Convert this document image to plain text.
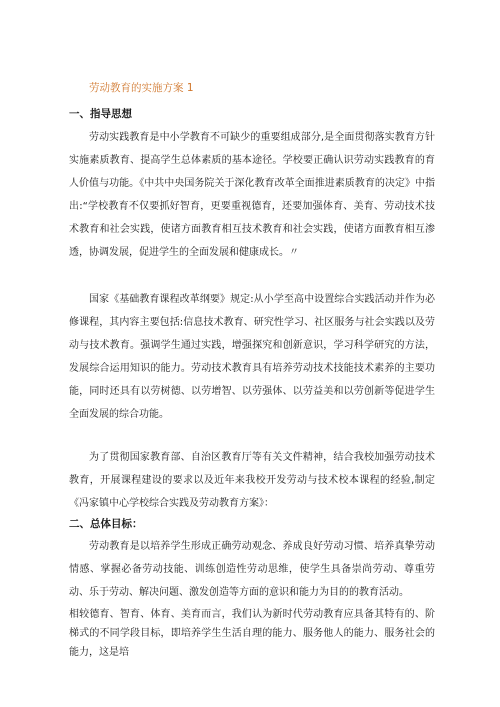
劳动教育的实施方案 1
一、指导思想

劳动实践教育是中小学教育不可缺少的重要组成部分,是全面贯彻落实教育方针实施素质教育、提高学生总体素质的基本途径。学校要正确认识劳动实践教育的育人价值与功能。《中共中央国务院关于深化教育改革全面推进素质教育的决定》中指出:“学校教育不仅要抓好智育，更要重视德育，还要加强体育、美育、劳动技术技术教育和社会实践，使诸方面教育相互技术教育和社会实践，使诸方面教育相互渗透，协调发展，促进学生的全面发展和健康成长。〃

国家《基础教育课程改革纲要》规定:从小学至高中设置综合实践活动并作为必修课程，其内容主要包括:信息技术教育、研究性学习、社区服务与社会实践以及劳动与技术教育。强调学生通过实践，增强探究和创新意识，学习科学研究的方法，发展综合运用知识的能力。劳动技术教育具有培养劳动技术技能技术素养的主要功能，同时还具有以劳树德、以劳增智、以劳强体、以劳益美和以劳创新等促进学生全面发展的综合功能。

为了贯彻国家教育部、自治区教育厅等有关文件精神，结合我校加强劳动技术教育，开展课程建设的要求以及近年来我校开发劳动与技术校本课程的经验,制定《冯家镇中心学校综合实践及劳动教育方案》：

二、总体目标：

劳动教育是以培养学生形成正确劳动观念、养成良好劳动习惯、培养真挚劳动情感、掌握必备劳动技能、训练创造性劳动思维，使学生具备崇尚劳动、尊重劳动、乐于劳动、解决问题、激发创造等方面的意识和能力为目的的教育活动。

相较德育、智育、体育、美育而言，我们认为新时代劳动教育应具备其特有的、阶梯式的不同学段目标，即培养学生生活自理的能力、服务他人的能力、服务社会的能力，这是培
